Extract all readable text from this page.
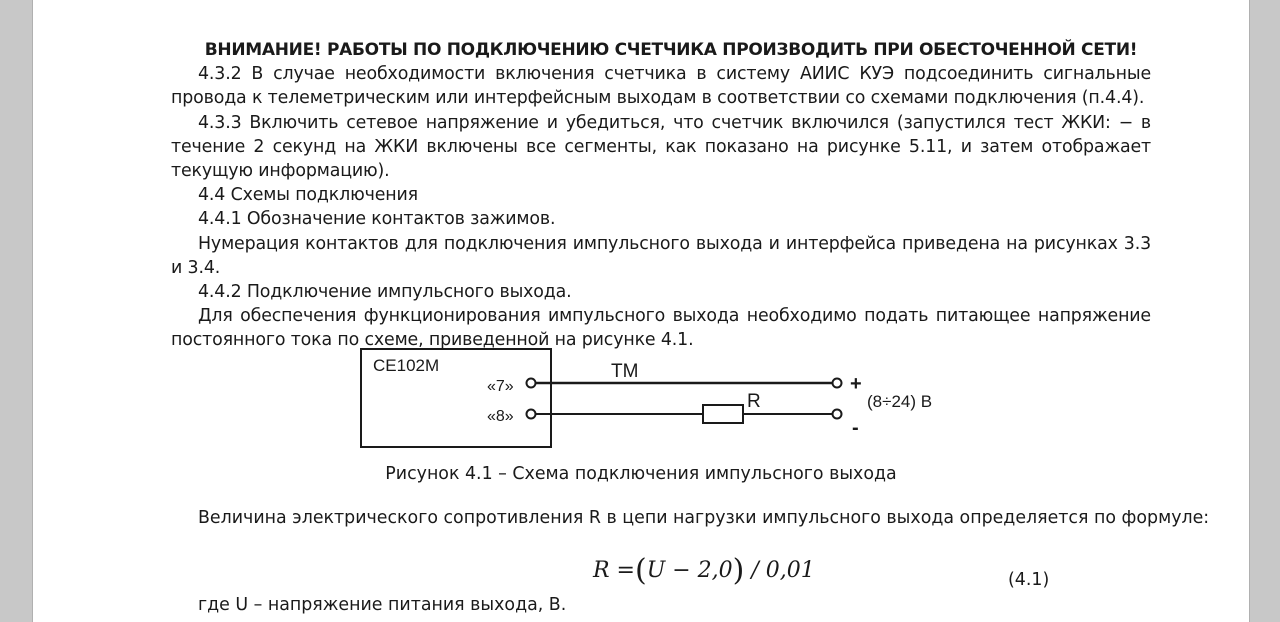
ВНИМАНИЕ! РАБОТЫ ПО ПОДКЛЮЧЕНИЮ СЧЕТЧИКА ПРОИЗВОДИТЬ ПРИ ОБЕСТОЧЕННОЙ СЕТИ!

4.3.2 В случае необходимости включения счетчика в систему АИИС КУЭ подсоединить сигнальные провода к телеметрическим или интерфейсным выходам в соответствии со схемами подключения (п.4.4).

4.3.3 Включить сетевое напряжение и убедиться, что счетчик включился (запустился тест ЖКИ: − в течение 2 секунд на ЖКИ включены все сегменты, как показано на рисунке 5.11, и затем отображает текущую информацию).

4.4 Схемы подключения

4.4.1 Обозначение контактов зажимов.

Нумерация контактов для подключения импульсного выхода и интерфейса приведена на рисунках 3.3 и 3.4.

4.4.2 Подключение импульсного выхода.

Для обеспечения функционирования импульсного выхода необходимо подать питающее напряжение постоянного тока по схеме, приведенной на рисунке 4.1.

СЕ102М
«7»
«8»
ТМ
R
+
-
(8÷24) В
Рисунок 4.1 – Схема подключения импульсного выхода
Величина электрического сопротивления R в цепи нагрузки импульсного выхода определяется по формуле:
R =(U − 2,0) / 0,01	(4.1)
где U – напряжение питания выхода, В.
